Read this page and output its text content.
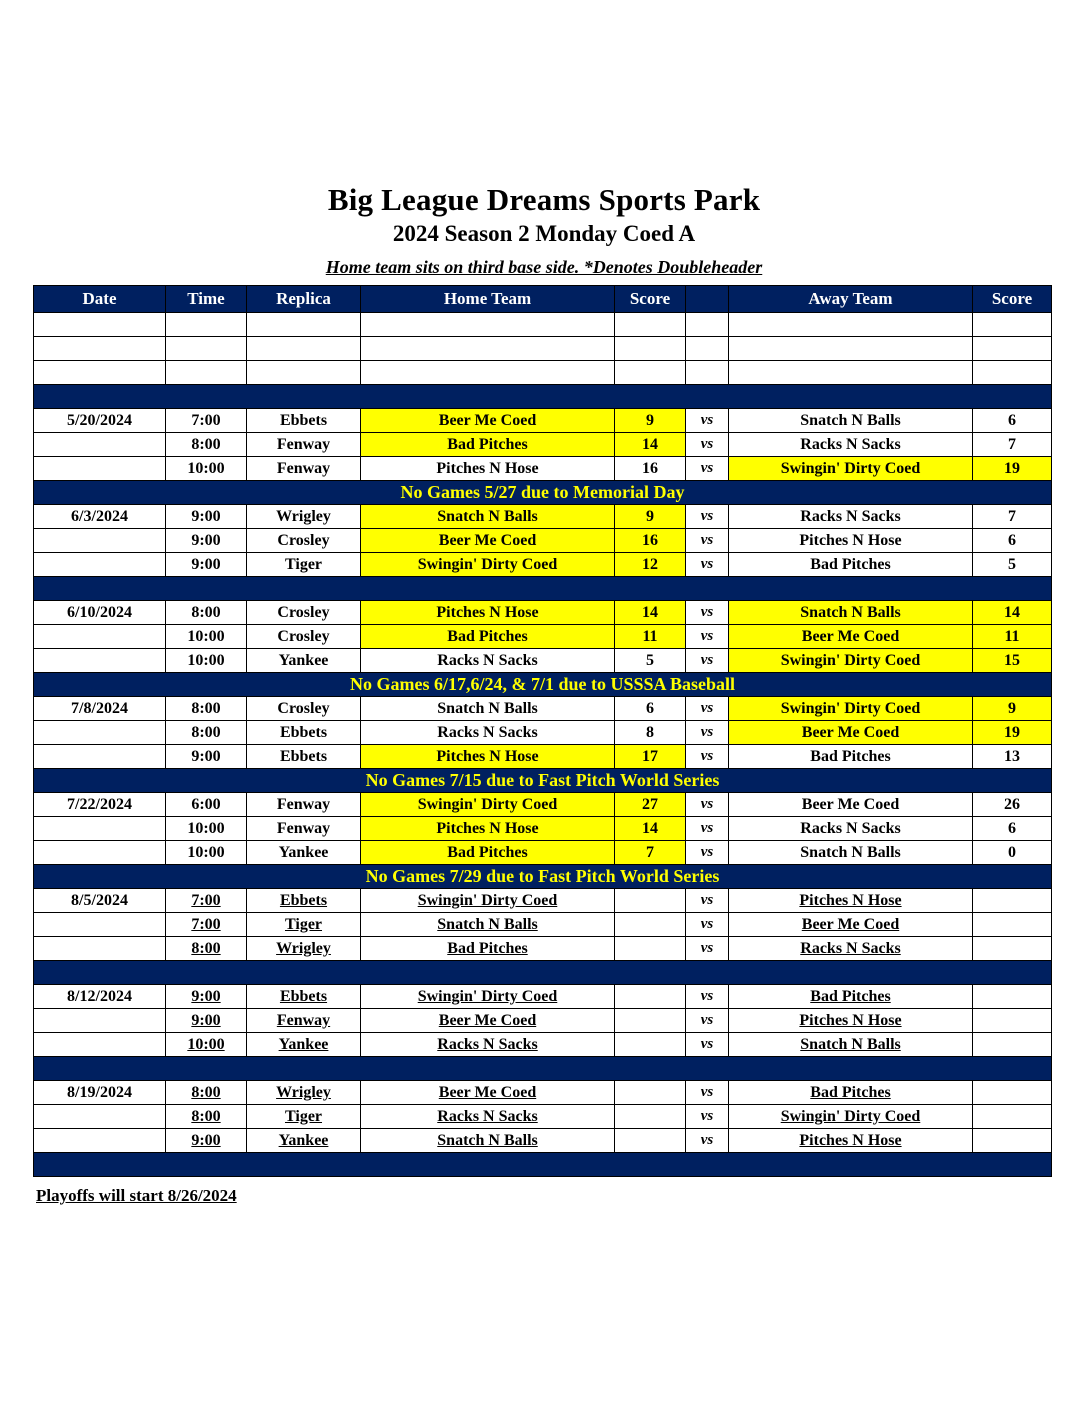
Big League Dreams Sports Park
2024 Season 2 Monday Coed A
Home team sits on third base side. *Denotes Doubleheader
Date	Time	Replica	Home Team	Score		Away Team	Score

5/20/2024	7:00	Ebbets	Beer Me Coed	9	vs	Snatch N Balls	6
	8:00	Fenway	Bad Pitches	14	vs	Racks N Sacks	7
	10:00	Fenway	Pitches N Hose	16	vs	Swingin' Dirty Coed	19
No Games 5/27 due to Memorial Day							
6/3/2024	9:00	Wrigley	Snatch N Balls	9	vs	Racks N Sacks	7
	9:00	Crosley	Beer Me Coed	16	vs	Pitches N Hose	6
	9:00	Tiger	Swingin' Dirty Coed	12	vs	Bad Pitches	5

6/10/2024	8:00	Crosley	Pitches N Hose	14	vs	Snatch N Balls	14
	10:00	Crosley	Bad Pitches	11	vs	Beer Me Coed	11
	10:00	Yankee	Racks N Sacks	5	vs	Swingin' Dirty Coed	15
No Games 6/17,6/24, & 7/1 due to USSSA Baseball							
7/8/2024	8:00	Crosley	Snatch N Balls	6	vs	Swingin' Dirty Coed	9
	8:00	Ebbets	Racks N Sacks	8	vs	Beer Me Coed	19
	9:00	Ebbets	Pitches N Hose	17	vs	Bad Pitches	13
No Games 7/15 due to Fast Pitch World Series							
7/22/2024	6:00	Fenway	Swingin' Dirty Coed	27	vs	Beer Me Coed	26
	10:00	Fenway	Pitches N Hose	14	vs	Racks N Sacks	6
	10:00	Yankee	Bad Pitches	7	vs	Snatch N Balls	0
No Games 7/29 due to Fast Pitch World Series							
8/5/2024	7:00	Ebbets	Swingin' Dirty Coed		vs	Pitches N Hose	
	7:00	Tiger	Snatch N Balls		vs	Beer Me Coed	
	8:00	Wrigley	Bad Pitches		vs	Racks N Sacks	

8/12/2024	9:00	Ebbets	Swingin' Dirty Coed		vs	Bad Pitches	
	9:00	Fenway	Beer Me Coed		vs	Pitches N Hose	
	10:00	Yankee	Racks N Sacks		vs	Snatch N Balls	

8/19/2024	8:00	Wrigley	Beer Me Coed		vs	Bad Pitches	
	8:00	Tiger	Racks N Sacks		vs	Swingin' Dirty Coed	
	9:00	Yankee	Snatch N Balls		vs	Pitches N Hose	

Playoffs will start 8/26/2024
